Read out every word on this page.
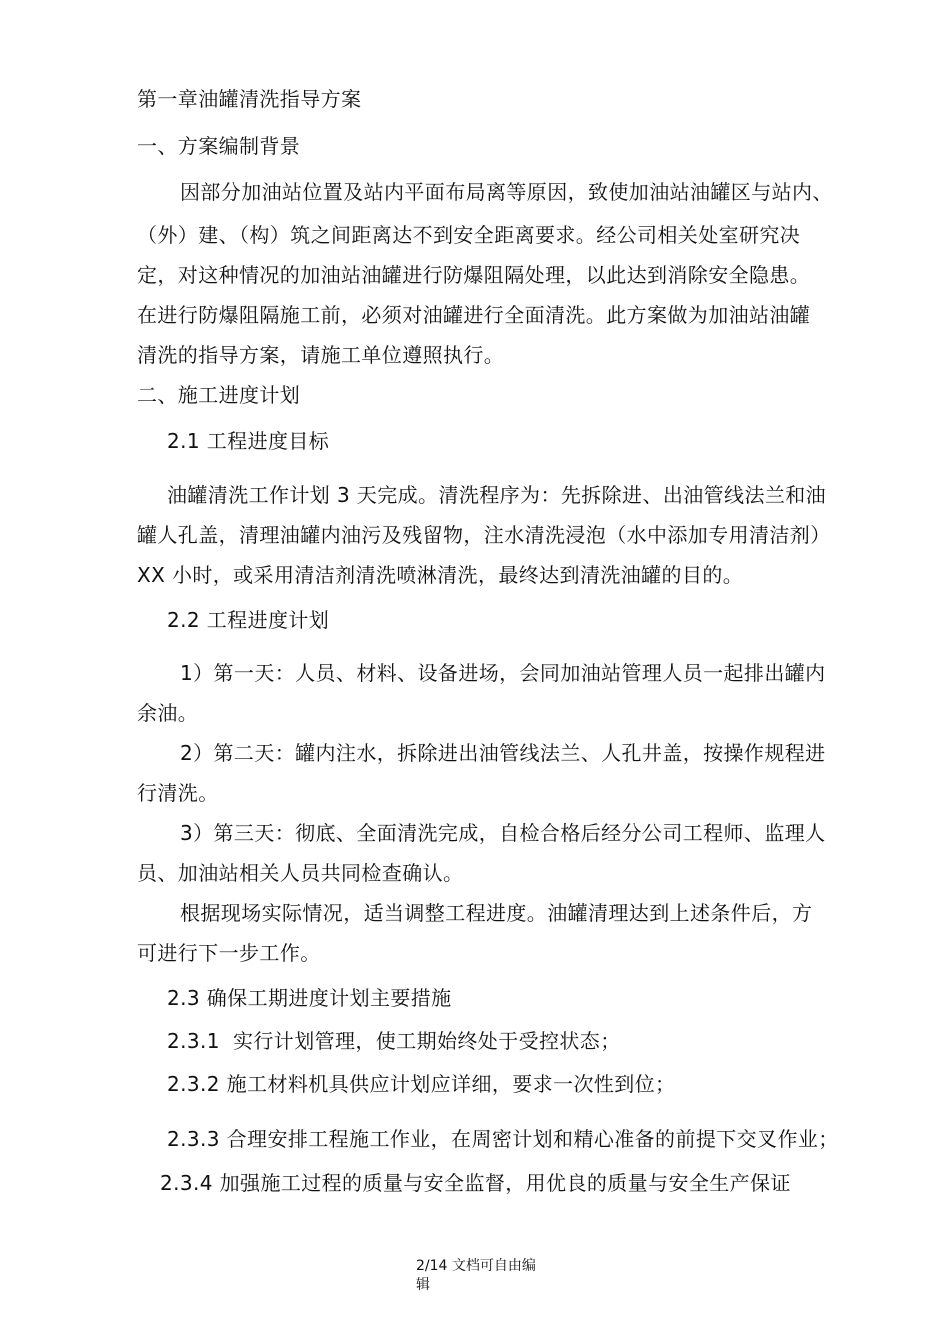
第一章油罐清洗指导方案
一、方案编制背景
因部分加油站位置及站内平面布局离等原因，致使加油站油罐区与站内、
（外）建、（构）筑之间距离达不到安全距离要求。经公司相关处室研究决
定，对这种情况的加油站油罐进行防爆阻隔处理，以此达到消除安全隐患。
在进行防爆阻隔施工前，必须对油罐进行全面清洗。此方案做为加油站油罐
清洗的指导方案，请施工单位遵照执行。
二、施工进度计划
2.1 工程进度目标
油罐清洗工作计划 3 天完成。清洗程序为：先拆除进、出油管线法兰和油
罐人孔盖，清理油罐内油污及残留物，注水清洗浸泡（水中添加专用清洁剂）
XX 小时，或采用清洁剂清洗喷淋清洗，最终达到清洗油罐的目的。
2.2 工程进度计划
1）第一天：人员、材料、设备进场，会同加油站管理人员一起排出罐内
余油。
2）第二天：罐内注水，拆除进出油管线法兰、人孔井盖，按操作规程进
行清洗。
3）第三天：彻底、全面清洗完成，自检合格后经分公司工程师、监理人
员、加油站相关人员共同检查确认。
根据现场实际情况，适当调整工程进度。油罐清理达到上述条件后，方
可进行下一步工作。
2.3 确保工期进度计划主要措施
2.3.1 实行计划管理，使工期始终处于受控状态；
2.3.2 施工材料机具供应计划应详细，要求一次性到位；
2.3.3 合理安排工程施工作业，在周密计划和精心准备的前提下交叉作业；
2.3.4 加强施工过程的质量与安全监督，用优良的质量与安全生产保证
2/14 文档可自由编
辑
